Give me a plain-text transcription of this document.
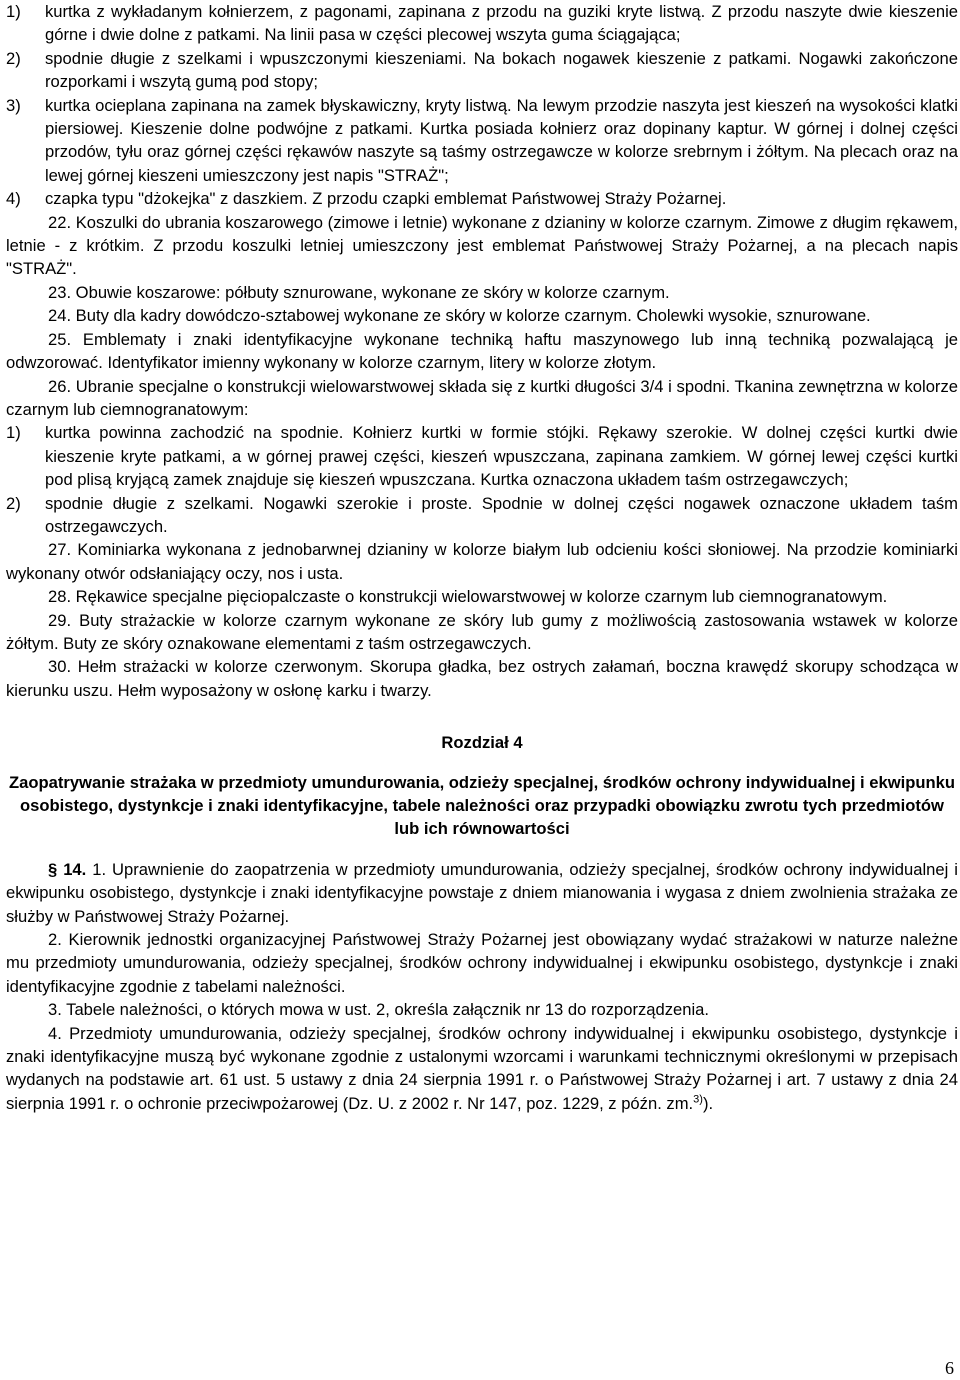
1)	kurtka z wykładanym kołnierzem, z pagonami, zapinana z przodu na guziki kryte listwą. Z przodu naszyte dwie kieszenie górne i dwie dolne z patkami. Na linii pasa w części plecowej wszyta guma ściągająca;
2)	spodnie długie z szelkami i wpuszczonymi kieszeniami. Na bokach nogawek kieszenie z patkami. Nogawki zakończone rozporkami i wszytą gumą pod stopy;
3)	kurtka ocieplana zapinana na zamek błyskawiczny, kryty listwą. Na lewym przodzie naszyta jest kieszeń na wysokości klatki piersiowej. Kieszenie dolne podwójne z patkami. Kurtka posiada kołnierz oraz dopinany kaptur. W górnej i dolnej części przodów, tyłu oraz górnej części rękawów naszyte są taśmy ostrzegawcze w kolorze srebrnym i żółtym. Na plecach oraz na lewej górnej kieszeni umieszczony jest napis "STRAŻ";
4)	czapka typu "dżokejka" z daszkiem. Z przodu czapki emblemat Państwowej Straży Pożarnej.

22. Koszulki do ubrania koszarowego (zimowe i letnie) wykonane z dzianiny w kolorze czarnym. Zimowe z długim rękawem, letnie - z krótkim. Z przodu koszulki letniej umieszczony jest emblemat Państwowej Straży Pożarnej, a na plecach napis "STRAŻ".

23. Obuwie koszarowe: półbuty sznurowane, wykonane ze skóry w kolorze czarnym.

24. Buty dla kadry dowódczo-sztabowej wykonane ze skóry w kolorze czarnym. Cholewki wysokie, sznurowane.

25. Emblematy i znaki identyfikacyjne wykonane techniką haftu maszynowego lub inną techniką pozwalającą je odwzorować. Identyfikator imienny wykonany w kolorze czarnym, litery w kolorze złotym.

26. Ubranie specjalne o konstrukcji wielowarstwowej składa się z kurtki długości 3/4 i spodni. Tkanina zewnętrzna w kolorze czarnym lub ciemnogranatowym:

1)	kurtka powinna zachodzić na spodnie. Kołnierz kurtki w formie stójki. Rękawy szerokie. W dolnej części kurtki dwie kieszenie kryte patkami, a w górnej prawej części, kieszeń wpuszczana, zapinana zamkiem. W górnej lewej części kurtki pod plisą kryjącą zamek znajduje się kieszeń wpuszczana. Kurtka oznaczona układem taśm ostrzegawczych;
2)	spodnie długie z szelkami. Nogawki szerokie i proste. Spodnie w dolnej części nogawek oznaczone układem taśm ostrzegawczych.

27. Kominiarka wykonana z jednobarwnej dzianiny w kolorze białym lub odcieniu kości słoniowej. Na przodzie kominiarki wykonany otwór odsłaniający oczy, nos i usta.

28. Rękawice specjalne pięciopalczaste o konstrukcji wielowarstwowej w kolorze czarnym lub ciemnogranatowym.

29. Buty strażackie w kolorze czarnym wykonane ze skóry lub gumy z możliwością zastosowania wstawek w kolorze żółtym. Buty ze skóry oznakowane elementami z taśm ostrzegawczych.

30. Hełm strażacki w kolorze czerwonym. Skorupa gładka, bez ostrych załamań, boczna krawędź skorupy schodząca w kierunku uszu. Hełm wyposażony w osłonę karku i twarzy.

Rozdział 4

Zaopatrywanie strażaka w przedmioty umundurowania, odzieży specjalnej, środków ochrony indywidualnej i ekwipunku osobistego, dystynkcje i znaki identyfikacyjne, tabele należności oraz przypadki obowiązku zwrotu tych przedmiotów lub ich równowartości

§ 14. 1. Uprawnienie do zaopatrzenia w przedmioty umundurowania, odzieży specjalnej, środków ochrony indywidualnej i ekwipunku osobistego, dystynkcje i znaki identyfikacyjne powstaje z dniem mianowania i wygasa z dniem zwolnienia strażaka ze służby w Państwowej Straży Pożarnej.

2. Kierownik jednostki organizacyjnej Państwowej Straży Pożarnej jest obowiązany wydać strażakowi w naturze należne mu przedmioty umundurowania, odzieży specjalnej, środków ochrony indywidualnej i ekwipunku osobistego, dystynkcje i znaki identyfikacyjne zgodnie z tabelami należności.

3. Tabele należności, o których mowa w ust. 2, określa załącznik nr 13 do rozporządzenia.

4. Przedmioty umundurowania, odzieży specjalnej, środków ochrony indywidualnej i ekwipunku osobistego, dystynkcje i znaki identyfikacyjne muszą być wykonane zgodnie z ustalonymi wzorcami i warunkami technicznymi określonymi w przepisach wydanych na podstawie art. 61 ust. 5 ustawy z dnia 24 sierpnia 1991 r. o Państwowej Straży Pożarnej i art. 7 ustawy z dnia 24 sierpnia 1991 r. o ochronie przeciwpożarowej (Dz. U. z 2002 r. Nr 147, poz. 1229, z późn. zm.$^{3)}$).

6
